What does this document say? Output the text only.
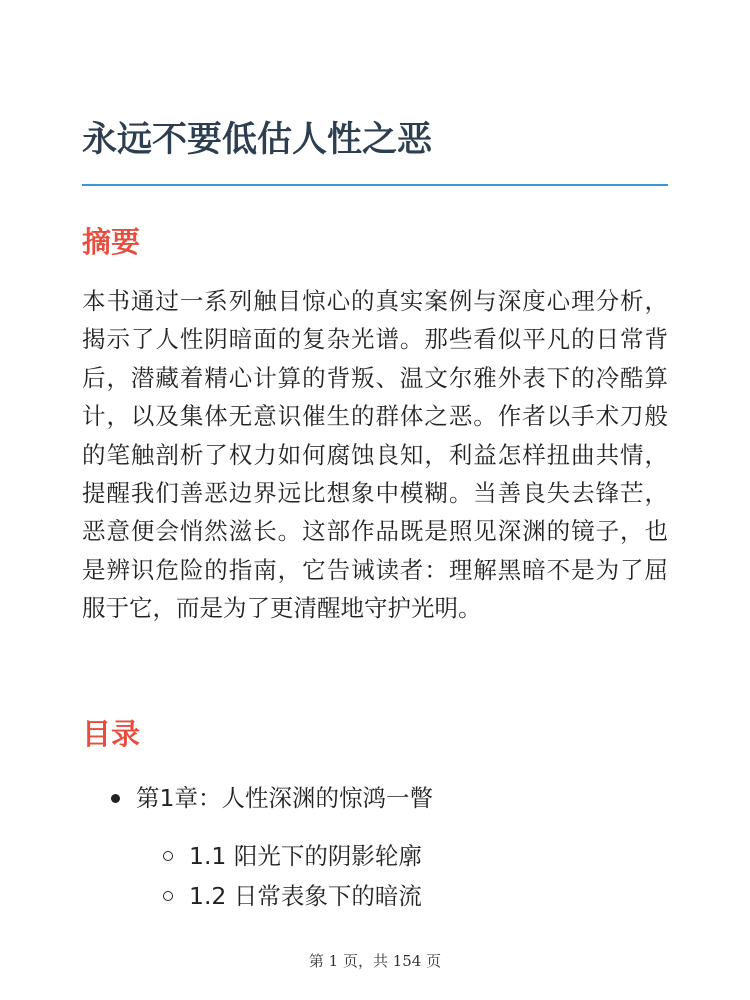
永远不要低估人性之恶
摘要

本书通过一系列触目惊心的真实案例与深度心理分析，揭示了人性阴暗面的复杂光谱。那些看似平凡的日常背后，潜藏着精心计算的背叛、温文尔雅外表下的冷酷算计，以及集体无意识催生的群体之恶。作者以手术刀般的笔触剖析了权力如何腐蚀良知，利益怎样扭曲共情，提醒我们善恶边界远比想象中模糊。当善良失去锋芒，恶意便会悄然滋长。这部作品既是照见深渊的镜子，也是辨识危险的指南，它告诫读者：理解黑暗不是为了屈服于它，而是为了更清醒地守护光明。

目录
第1章：人性深渊的惊鸿一瞥
1.1 阳光下的阴影轮廓
1.2 日常表象下的暗流
第 1 页，共 154 页
